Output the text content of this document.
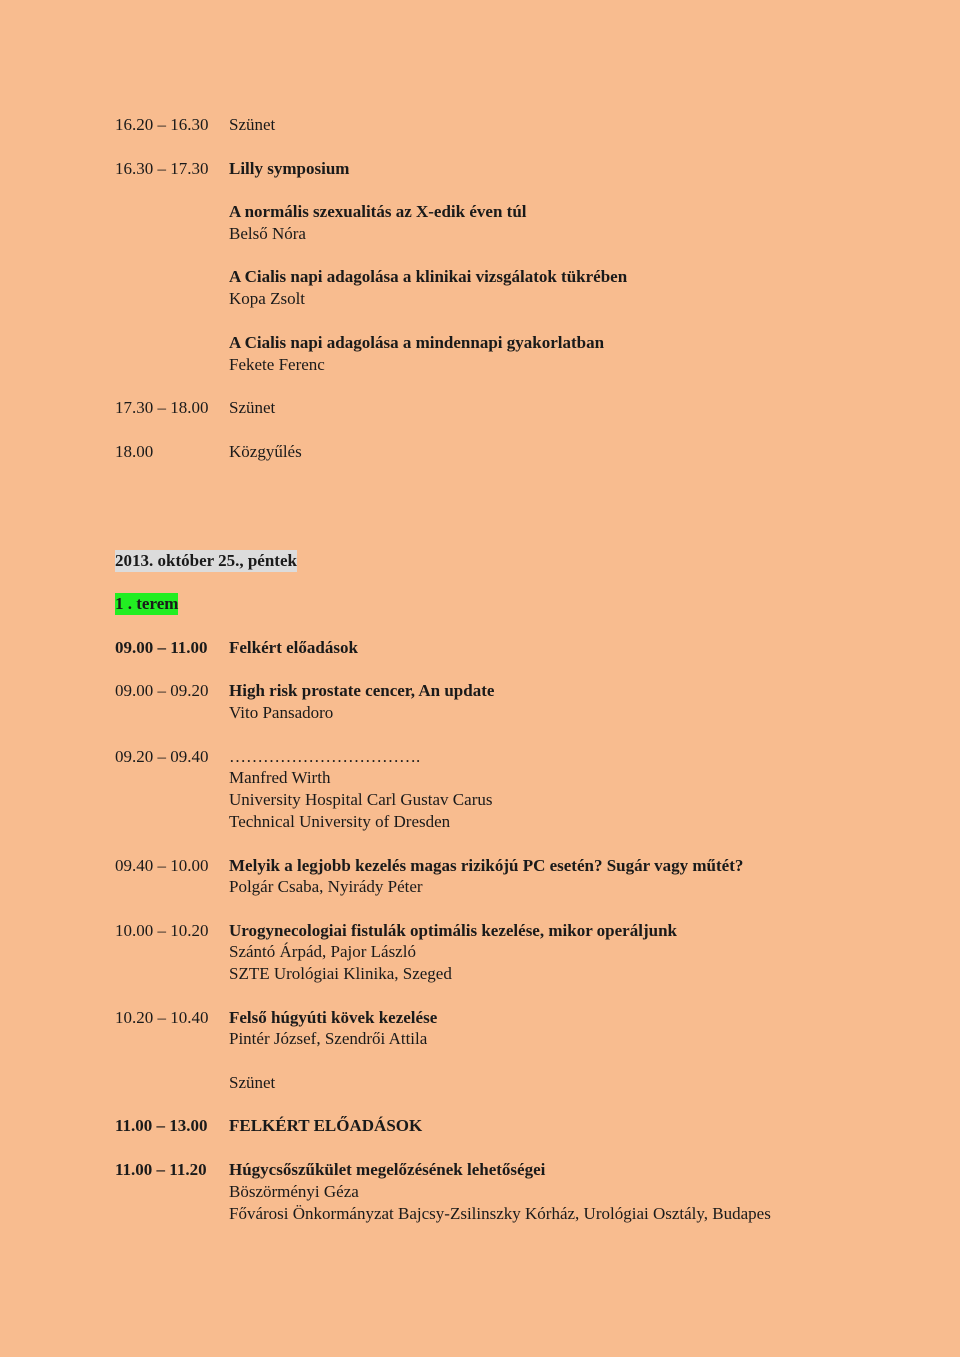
16.20 – 16.30 Szünet
16.30 – 17.30 Lilly symposium
A normális szexualitás az X-edik éven túl
Belső Nóra
A Cialis napi adagolása a klinikai vizsgálatok tükrében
Kopa Zsolt
A Cialis napi adagolása a mindennapi gyakorlatban
Fekete Ferenc
17.30 – 18.00 Szünet
18.00	Közgyűlés
2013. október 25., péntek
1 . terem
09.00 – 11.00 Felkért előadások
09.00 – 09.20 High risk prostate cencer, An update
Vito Pansadoro
09.20 – 09.40 …………………………….
Manfred Wirth
University Hospital Carl Gustav Carus
Technical University of Dresden
09.40 – 10.00 Melyik a legjobb kezelés magas rizikójú PC esetén? Sugár vagy műtét?
Polgár Csaba, Nyirády Péter
10.00 – 10.20 Urogynecologiai fistulák optimális kezelése, mikor operáljunk
Szántó Árpád, Pajor László
SZTE Urológiai Klinika, Szeged
10.20 – 10.40 Felső húgyúti kövek kezelése
Pintér József, Szendrői Attila
Szünet
11.00 – 13.00 FELKÉRT ELŐADÁSOK
11.00 – 11.20 Húgycsőszűkület megelőzésének lehetőségei
Böszörményi Géza
Fővárosi Önkormányzat Bajcsy-Zsilinszky Kórház, Urológiai Osztály, Budapes
